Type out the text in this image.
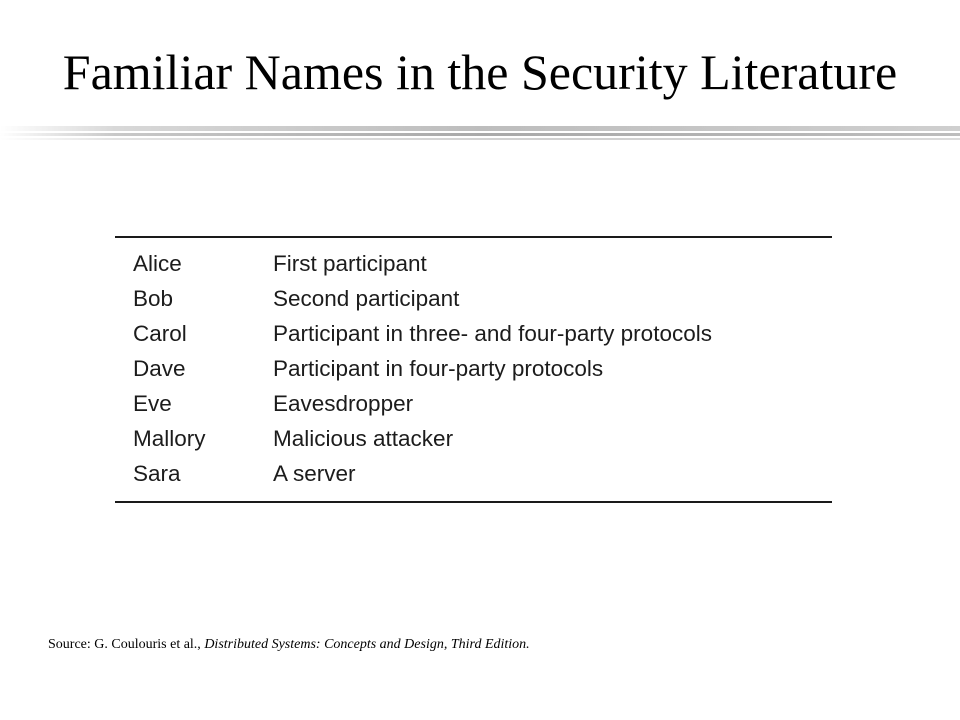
Familiar Names in the Security Literature
Alice	First participant
Bob	Second participant
Carol	Participant in three- and four-party protocols
Dave	Participant in four-party protocols
Eve	Eavesdropper
Mallory	Malicious attacker
Sara	A server
Source: G. Coulouris et al., Distributed Systems: Concepts and Design, Third Edition.
